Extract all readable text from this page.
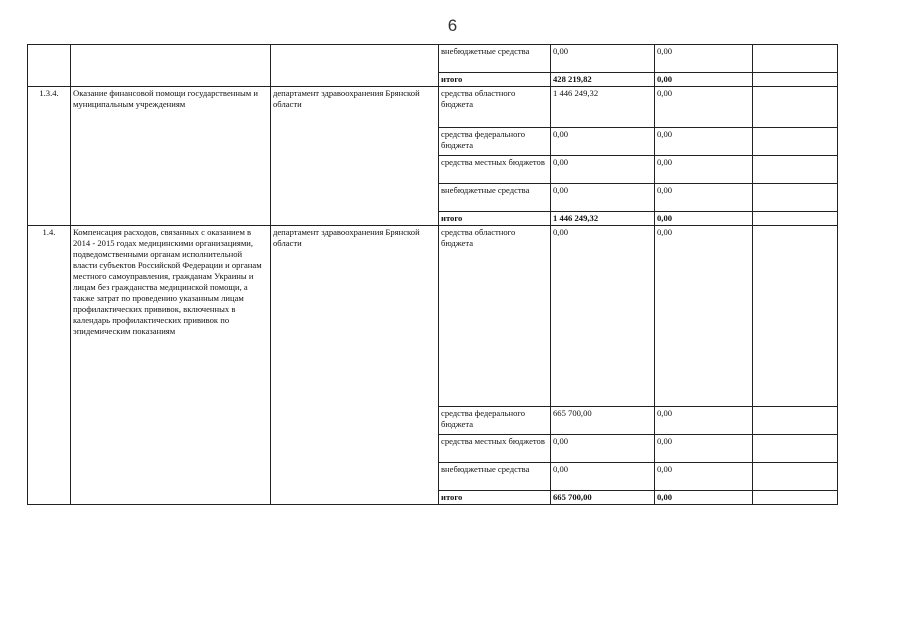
6
			внебюджетные средства	0,00	0,00	
			итого	428 219,82	0,00	
1.3.4.	Оказание финансовой помощи государственным и муниципальным учреждениям	департамент здравоохранения Брянской области	средства областного бюджета	1 446 249,32	0,00	
			средства федерального бюджета	0,00	0,00	
			средства местных бюджетов	0,00	0,00	
			внебюджетные средства	0,00	0,00	
			итого	1 446 249,32	0,00	
1.4.	Компенсация расходов, связанных с оказанием в 2014 - 2015 годах медицинскими организациями, подведомственными органам исполнительной власти субъектов Российской Федерации и органам местного самоуправления, гражданам Украины и лицам без гражданства медицинской помощи, а также затрат по проведению указанным лицам профилактических прививок, включенных в календарь профилактических прививок по эпидемическим показаниям	департамент здравоохранения Брянской области	средства областного бюджета	0,00	0,00	
			средства федерального бюджета	665 700,00	0,00	
			средства местных бюджетов	0,00	0,00	
			внебюджетные средства	0,00	0,00	
			итого	665 700,00	0,00	
